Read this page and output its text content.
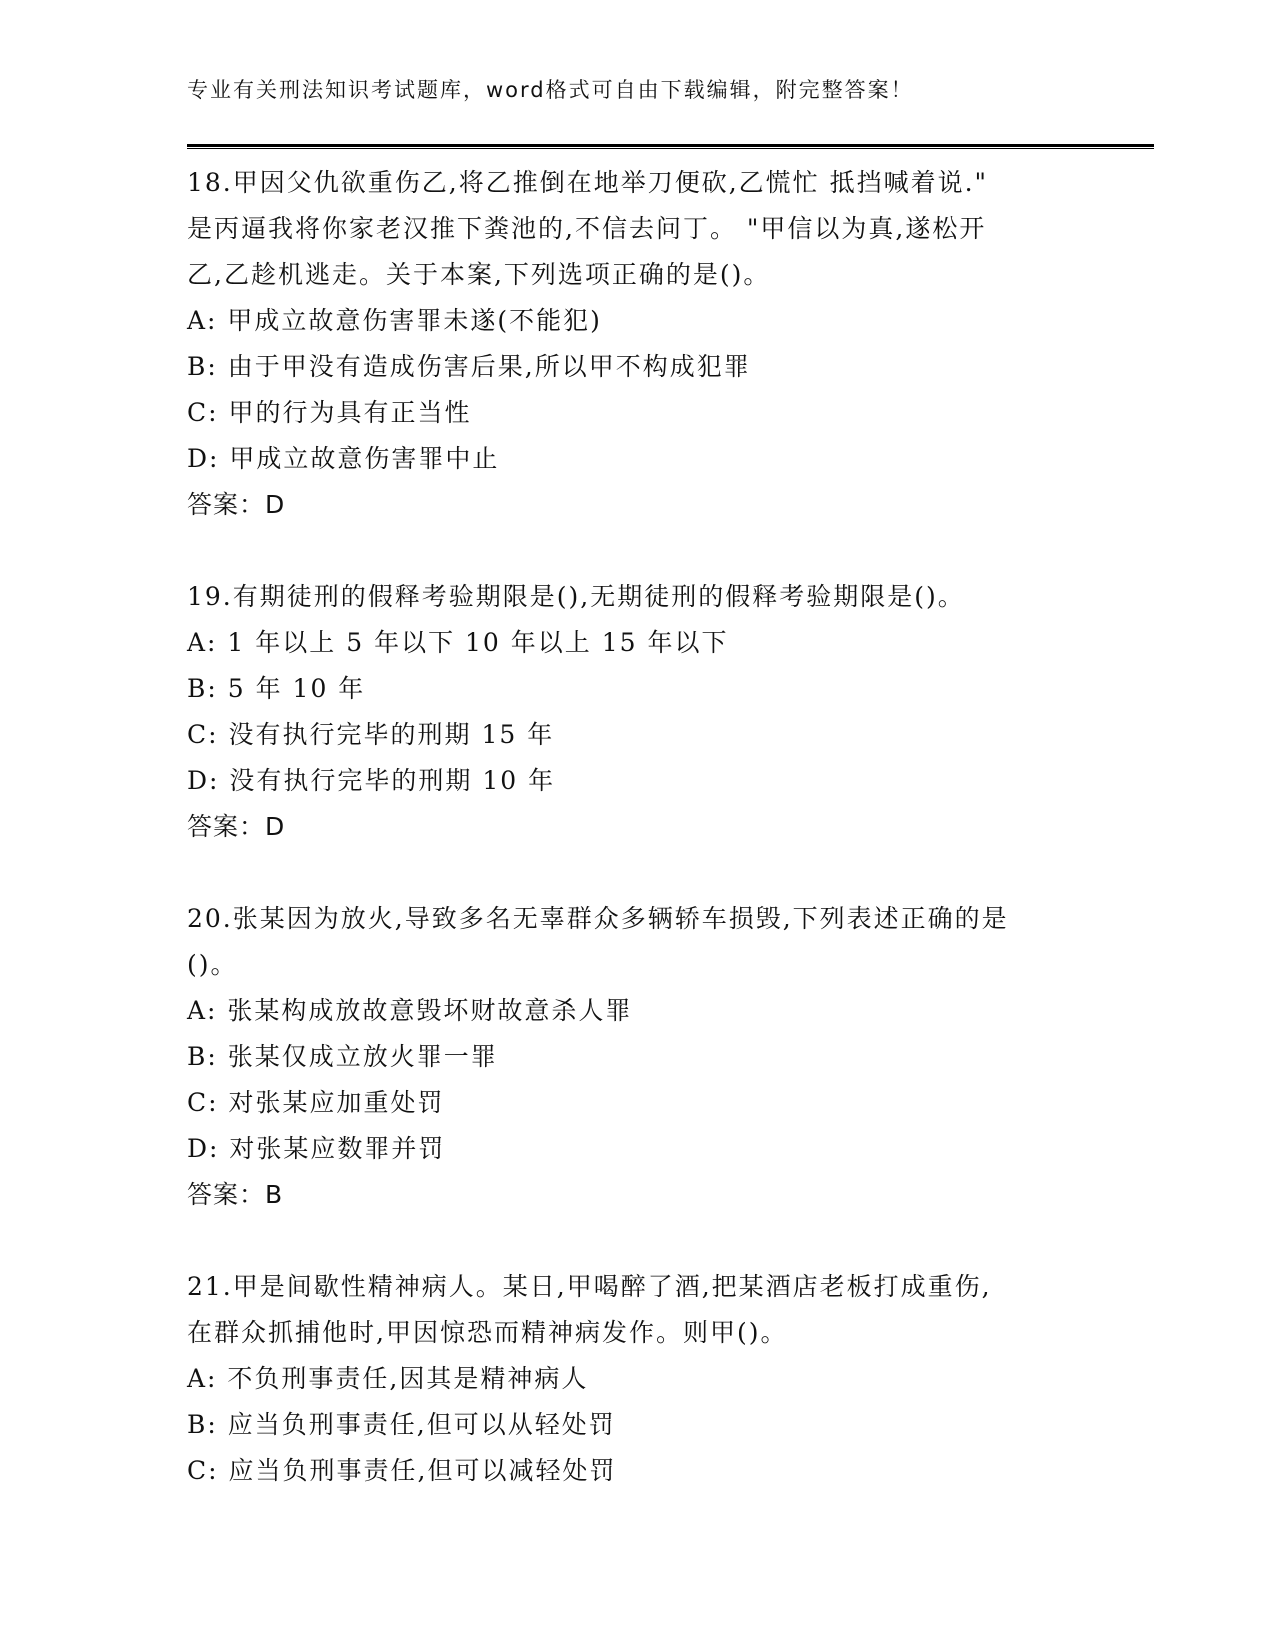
专业有关刑法知识考试题库，word格式可自由下载编辑，附完整答案！
18.甲因父仇欲重伤乙,将乙推倒在地举刀便砍,乙慌忙 抵挡喊着说."
是丙逼我将你家老汉推下粪池的,不信去问丁。 "甲信以为真,遂松开
乙,乙趁机逃走。关于本案,下列选项正确的是()。
A: 甲成立故意伤害罪未遂(不能犯)
B: 由于甲没有造成伤害后果,所以甲不构成犯罪
C: 甲的行为具有正当性
D: 甲成立故意伤害罪中止
答案：D
19.有期徒刑的假释考验期限是(),无期徒刑的假释考验期限是()。
A: 1 年以上 5 年以下 10 年以上 15 年以下
B: 5 年 10 年
C: 没有执行完毕的刑期 15 年
D: 没有执行完毕的刑期 10 年
答案：D
20.张某因为放火,导致多名无辜群众多辆轿车损毁,下列表述正确的是
()。
A: 张某构成放故意毁坏财故意杀人罪
B: 张某仅成立放火罪一罪
C: 对张某应加重处罚
D: 对张某应数罪并罚
答案：B
21.甲是间歇性精神病人。某日,甲喝醉了酒,把某酒店老板打成重伤,
在群众抓捕他时,甲因惊恐而精神病发作。则甲()。
A: 不负刑事责任,因其是精神病人
B: 应当负刑事责任,但可以从轻处罚
C: 应当负刑事责任,但可以减轻处罚
